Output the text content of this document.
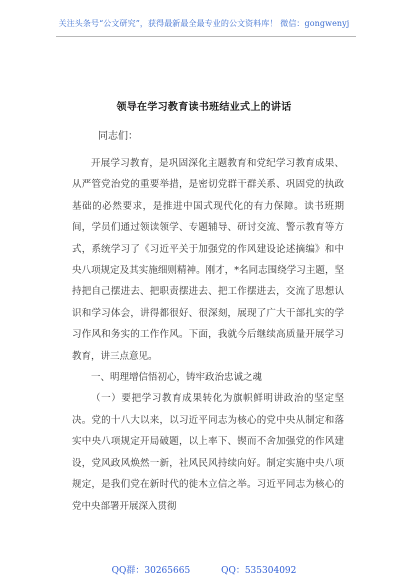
关注头条号“公文研究”，获得最新最全最专业的公文资料库！ 微信：gongwenyj
领导在学习教育读书班结业式上的讲话
同志们：

开展学习教育，是巩固深化主题教育和党纪学习教育成果、从严管党治党的重要举措，是密切党群干群关系、巩固党的执政基础的必然要求，是推进中国式现代化的有力保障。读书班期间，学员们通过领读领学、专题辅导、研讨交流、警示教育等方式，系统学习了《习近平关于加强党的作风建设论述摘编》和中央八项规定及其实施细则精神。刚才，*名同志围绕学习主题，坚持把自己摆进去、把职责摆进去、把工作摆进去，交流了思想认识和学习体会，讲得都很好、很深刻，展现了广大干部扎实的学习作风和务实的工作作风。下面，我就今后继续高质量开展学习教育，讲三点意见。

一、明理增信悟初心，铸牢政治忠诚之魂

（一）要把学习教育成果转化为旗帜鲜明讲政治的坚定坚决。党的十八大以来，以习近平同志为核心的党中央从制定和落实中央八项规定开局破题，以上率下、锲而不舍加强党的作风建设，党风政风焕然一新，社风民风持续向好。制定实施中央八项规定，是我们党在新时代的徙木立信之举。习近平同志为核心的党中央部署开展深入贯彻

QQ群：30265665	QQ：535304092
